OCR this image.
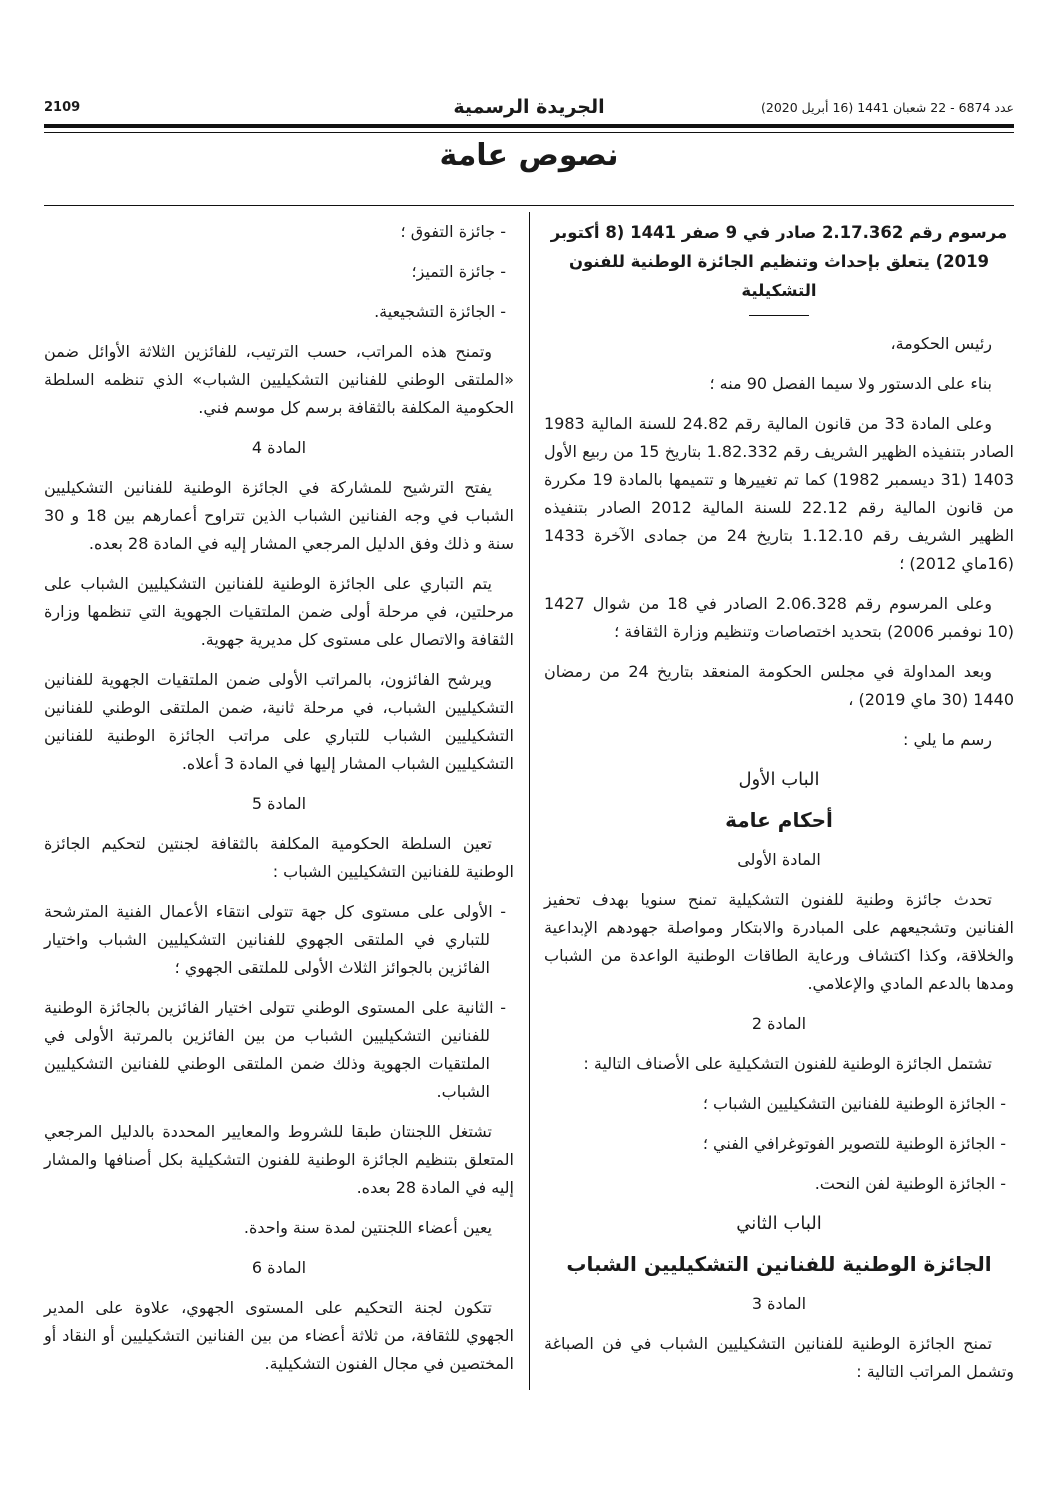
2109	الجريدة الرسمية	عدد 6874 - 22 شعبان 1441 (16 أبريل 2020)
نصوص عامة
مرسوم رقم 2.17.362 صادر في 9 صفر 1441 (8 أكتوبر 2019) يتعلق بإحداث وتنظيم الجائزة الوطنية للفنون التشكيلية

رئيس الحكومة،

بناء على الدستور ولا سيما الفصل 90 منه ؛

وعلى المادة 33 من قانون المالية رقم 24.82 للسنة المالية 1983 الصادر بتنفيذه الظهير الشريف رقم 1.82.332 بتاريخ 15 من ربيع الأول 1403 (31 ديسمبر 1982) كما تم تغييرها و تتميمها بالمادة 19 مكررة من قانون المالية رقم 22.12 للسنة المالية 2012 الصادر بتنفيذه الظهير الشريف رقم 1.12.10 بتاريخ 24 من جمادى الآخرة 1433 (16ماي 2012) ؛

وعلى المرسوم رقم 2.06.328 الصادر في 18 من شوال 1427 (10 نوفمبر 2006) بتحديد اختصاصات وتنظيم وزارة الثقافة ؛

وبعد المداولة في مجلس الحكومة المنعقد بتاريخ 24 من رمضان 1440 (30 ماي 2019) ،

رسم ما يلي :

الباب الأول
أحكام عامة
المادة الأولى

تحدث جائزة وطنية للفنون التشكيلية تمنح سنويا بهدف تحفيز الفنانين وتشجيعهم على المبادرة والابتكار ومواصلة جهودهم الإبداعية والخلاقة، وكذا اكتشاف ورعاية الطاقات الوطنية الواعدة من الشباب ومدها بالدعم المادي والإعلامي.

المادة 2

تشتمل الجائزة الوطنية للفنون التشكيلية على الأصناف التالية :

- الجائزة الوطنية للفنانين التشكيليين الشباب ؛
- الجائزة الوطنية للتصوير الفوتوغرافي الفني ؛
- الجائزة الوطنية لفن النحت.
الباب الثاني
الجائزة الوطنية للفنانين التشكيليين الشباب
المادة 3

تمنح الجائزة الوطنية للفنانين التشكيليين الشباب في فن الصباغة وتشمل المراتب التالية :

- جائزة التفوق ؛
- جائزة التميز؛
- الجائزة التشجيعية.

وتمنح هذه المراتب، حسب الترتيب، للفائزين الثلاثة الأوائل ضمن «الملتقى الوطني للفنانين التشكيليين الشباب» الذي تنظمه السلطة الحكومية المكلفة بالثقافة برسم كل موسم فني.

المادة 4

يفتح الترشيح للمشاركة في الجائزة الوطنية للفنانين التشكيليين الشباب في وجه الفنانين الشباب الذين تتراوح أعمارهم بين 18 و 30 سنة و ذلك وفق الدليل المرجعي المشار إليه في المادة 28 بعده.

يتم التباري على الجائزة الوطنية للفنانين التشكيليين الشباب على مرحلتين، في مرحلة أولى ضمن الملتقيات الجهوية التي تنظمها وزارة الثقافة والاتصال على مستوى كل مديرية جهوية.

ويرشح الفائزون، بالمراتب الأولى ضمن الملتقيات الجهوية للفنانين التشكيليين الشباب، في مرحلة ثانية، ضمن الملتقى الوطني للفنانين التشكيليين الشباب للتباري على مراتب الجائزة الوطنية للفنانين التشكيليين الشباب المشار إليها في المادة 3 أعلاه.

المادة 5

تعين السلطة الحكومية المكلفة بالثقافة لجنتين لتحكيم الجائزة الوطنية للفنانين التشكيليين الشباب :

- الأولى على مستوى كل جهة تتولى انتقاء الأعمال الفنية المترشحة للتباري في الملتقى الجهوي للفنانين التشكيليين الشباب واختيار الفائزين بالجوائز الثلاث الأولى للملتقى الجهوي ؛
- الثانية على المستوى الوطني تتولى اختيار الفائزين بالجائزة الوطنية للفنانين التشكيليين الشباب من بين الفائزين بالمرتبة الأولى في الملتقيات الجهوية وذلك ضمن الملتقى الوطني للفنانين التشكيليين الشباب.

تشتغل اللجنتان طبقا للشروط والمعايير المحددة بالدليل المرجعي المتعلق بتنظيم الجائزة الوطنية للفنون التشكيلية بكل أصنافها والمشار إليه في المادة 28 بعده.

يعين أعضاء اللجنتين لمدة سنة واحدة.

المادة 6

تتكون لجنة التحكيم على المستوى الجهوي، علاوة على المدير الجهوي للثقافة، من ثلاثة أعضاء من بين الفنانين التشكيليين أو النقاد أو المختصين في مجال الفنون التشكيلية.
